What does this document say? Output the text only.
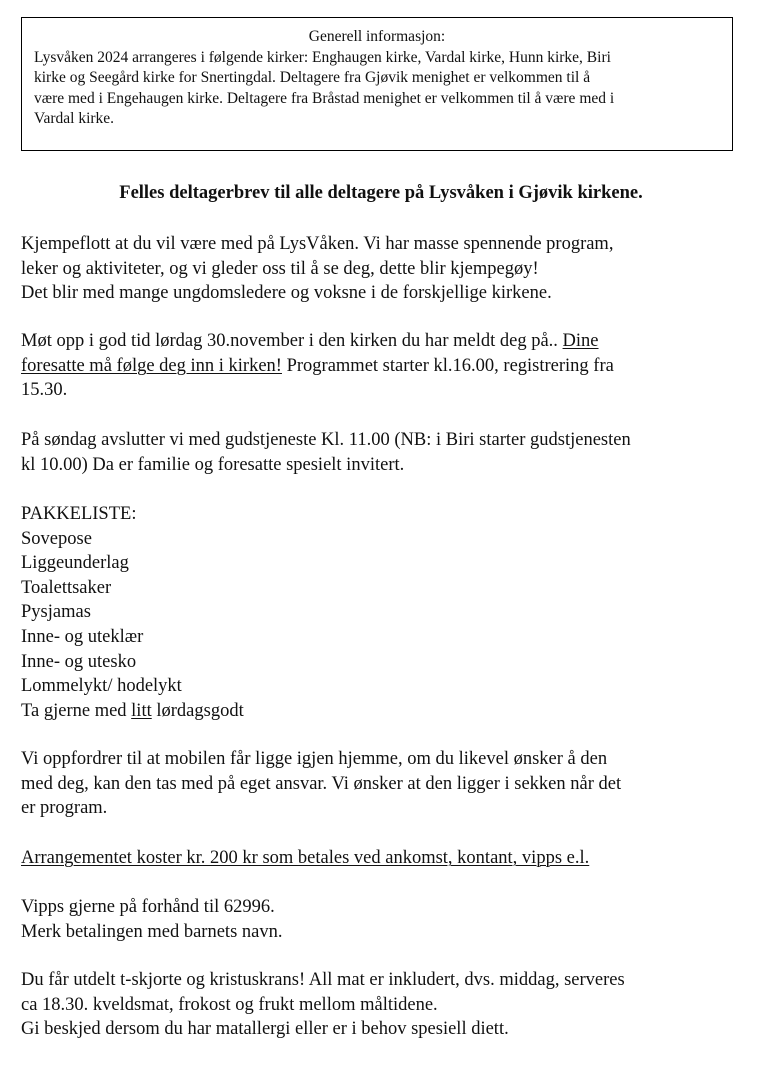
Generell informasjon:
Lysvåken 2024 arrangeres i følgende kirker: Enghaugen kirke, Vardal kirke, Hunn kirke, Biri
kirke og Seegård kirke for Snertingdal. Deltagere fra Gjøvik menighet er velkommen til å
være med i Engehaugen kirke. Deltagere fra Bråstad menighet er velkommen til å være med i
Vardal kirke.
Felles deltagerbrev til alle deltagere på Lysvåken i Gjøvik kirkene.
Kjempeflott at du vil være med på LysVåken. Vi har masse spennende program,
leker og aktiviteter, og vi gleder oss til å se deg, dette blir kjempegøy!
Det blir med mange ungdomsledere og voksne i de forskjellige kirkene.
Møt opp i god tid lørdag 30.november i den kirken du har meldt deg på.. Dine
foresatte må følge deg inn i kirken! Programmet starter kl.16.00, registrering fra
15.30.
På søndag avslutter vi med gudstjeneste Kl. 11.00 (NB: i Biri starter gudstjenesten
kl 10.00) Da er familie og foresatte spesielt invitert.
PAKKELISTE:
Sovepose
Liggeunderlag
Toalettsaker
Pysjamas
Inne- og uteklær
Inne- og utesko
Lommelykt/ hodelykt
Ta gjerne med litt lørdagsgodt
Vi oppfordrer til at mobilen får ligge igjen hjemme, om du likevel ønsker å den
med deg, kan den tas med på eget ansvar. Vi ønsker at den ligger i sekken når det
er program.
Arrangementet koster kr. 200 kr som betales ved ankomst, kontant, vipps e.l.
Vipps gjerne på forhånd til 62996.
Merk betalingen med barnets navn.
Du får utdelt t-skjorte og kristuskrans! All mat er inkludert, dvs. middag, serveres
ca 18.30. kveldsmat, frokost og frukt mellom måltidene.
Gi beskjed dersom du har matallergi eller er i behov spesiell diett.
